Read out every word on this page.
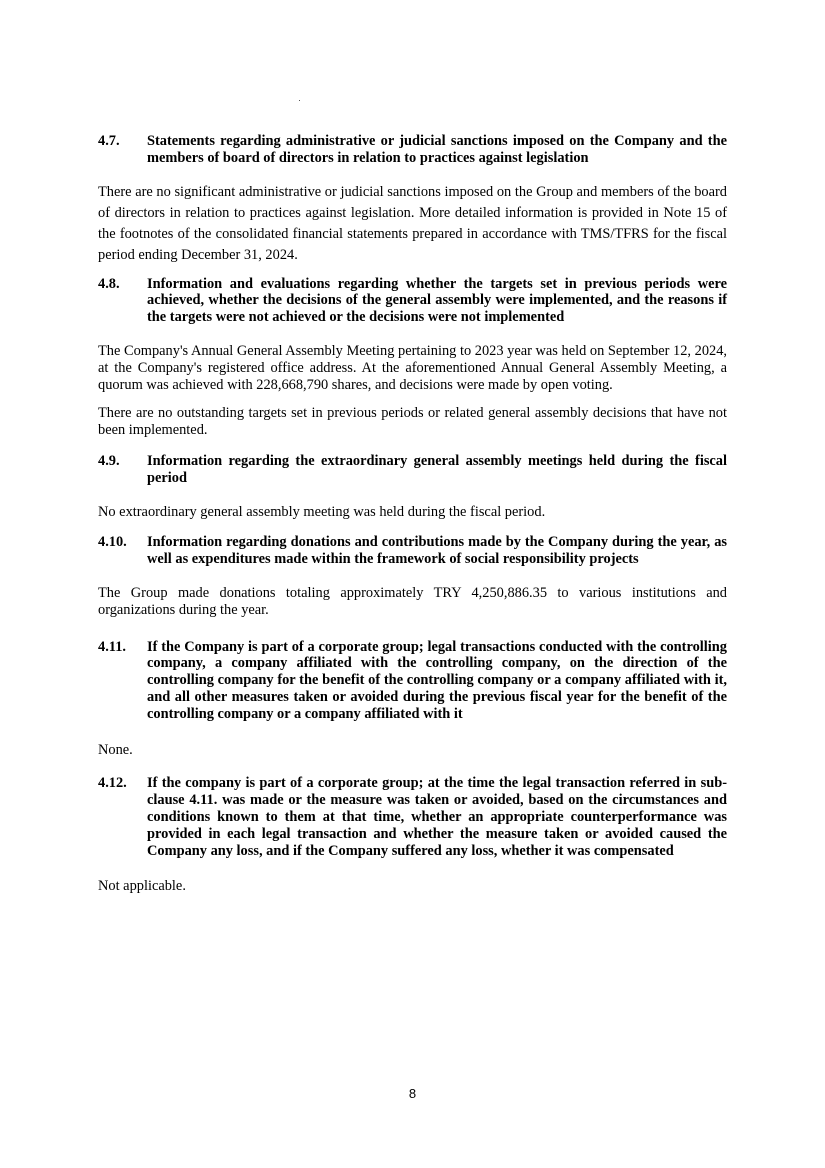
4.7.	Statements regarding administrative or judicial sanctions imposed on the Company and the members of board of directors in relation to practices against legislation

There are no significant administrative or judicial sanctions imposed on the Group and members of the board of directors in relation to practices against legislation. More detailed information is provided in Note 15 of the footnotes of the consolidated financial statements prepared in accordance with TMS/TFRS for the fiscal period ending December 31, 2024.

4.8.	Information and evaluations regarding whether the targets set in previous periods were achieved, whether the decisions of the general assembly were implemented, and the reasons if the targets were not achieved or the decisions were not implemented

The Company's Annual General Assembly Meeting pertaining to 2023 year was held on September 12, 2024, at the Company's registered office address. At the aforementioned Annual General Assembly Meeting, a quorum was achieved with 228,668,790 shares, and decisions were made by open voting.

There are no outstanding targets set in previous periods or related general assembly decisions that have not been implemented.

4.9.	Information regarding the extraordinary general assembly meetings held during the fiscal period

No extraordinary general assembly meeting was held during the fiscal period.

4.10.	Information regarding donations and contributions made by the Company during the year, as well as expenditures made within the framework of social responsibility projects

The Group made donations totaling approximately TRY 4,250,886.35 to various institutions and organizations during the year.

4.11.	If the Company is part of a corporate group; legal transactions conducted with the controlling company, a company affiliated with the controlling company, on the direction of the controlling company for the benefit of the controlling company or a company affiliated with it, and all other measures taken or avoided during the previous fiscal year for the benefit of the controlling company or a company affiliated with it

None.

4.12.	If the company is part of a corporate group; at the time the legal transaction referred in sub-clause 4.11. was made or the measure was taken or avoided, based on the circumstances and conditions known to them at that time, whether an appropriate counterperformance was provided in each legal transaction and whether the measure taken or avoided caused the Company any loss, and if the Company suffered any loss, whether it was compensated

Not applicable.

8
